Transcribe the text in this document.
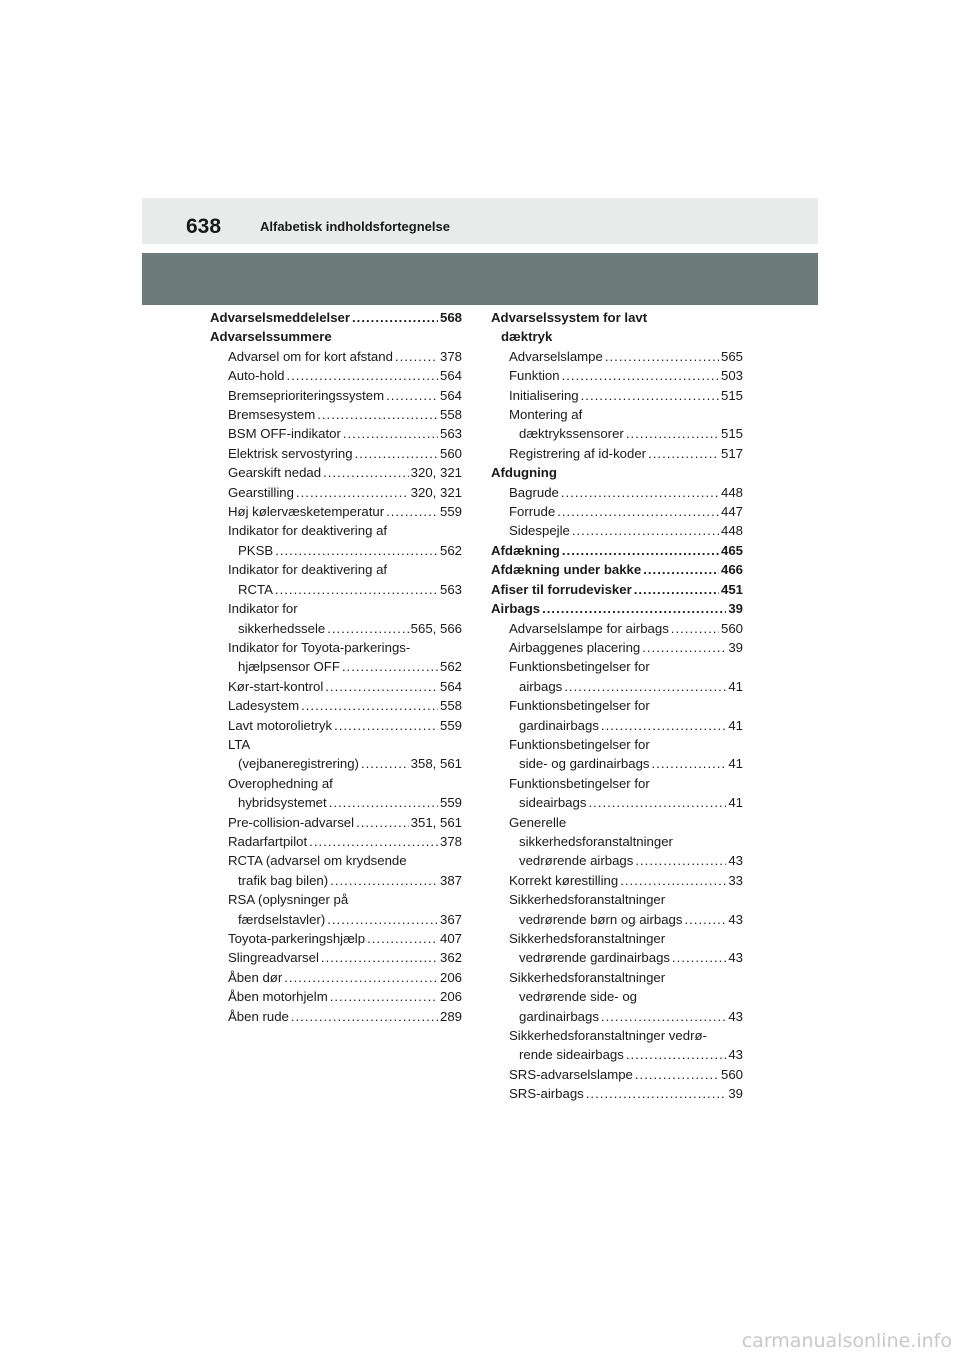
638	Alfabetisk indholdsfortegnelse
Advarselsmeddelelser .....	568
Advarselssummere
Advarsel om for kort afstand .....	378
Auto-hold .....	564
Bremseprioriteringssystem .....	564
Bremsesystem .....	558
BSM OFF-indikator .....	563
Elektrisk servostyring .....	560
Gearskift nedad .....	320, 321
Gearstilling .....	320, 321
Høj kølervæsketemperatur .....	559
Indikator for deaktivering af
PKSB .....	562
Indikator for deaktivering af
RCTA .....	563
Indikator for
sikkerhedssele .....	565, 566
Indikator for Toyota-parkerings-
hjælpsensor OFF .....	562
Kør-start-kontrol .....	564
Ladesystem .....	558
Lavt motorolietryk .....	559
LTA
(vejbaneregistrering) .....	358, 561
Overophedning af
hybridsystemet .....	559
Pre-collision-advarsel .....	351, 561
Radarfartpilot .....	378
RCTA (advarsel om krydsende
trafik bag bilen) .....	387
RSA (oplysninger på
færdselstavler) .....	367
Toyota-parkeringshjælp .....	407
Slingreadvarsel .....	362
Åben dør .....	206
Åben motorhjelm .....	206
Åben rude .....	289
Advarselssystem for lavt
dæktryk
Advarselslampe .....	565
Funktion .....	503
Initialisering .....	515
Montering af
dæktrykssensorer .....	515
Registrering af id-koder .....	517
Afdugning
Bagrude .....	448
Forrude .....	447
Sidespejle .....	448
Afdækning .....	465
Afdækning under bakke .....	466
Afiser til forrudevisker .....	451
Airbags .....	39
Advarselslampe for airbags .....	560
Airbaggenes placering .....	39
Funktionsbetingelser for
airbags .....	41
Funktionsbetingelser for
gardinairbags .....	41
Funktionsbetingelser for
side- og gardinairbags .....	41
Funktionsbetingelser for
sideairbags .....	41
Generelle
sikkerhedsforanstaltninger
vedrørende airbags .....	43
Korrekt kørestilling .....	33
Sikkerhedsforanstaltninger
vedrørende børn og airbags .....	43
Sikkerhedsforanstaltninger
vedrørende gardinairbags .....	43
Sikkerhedsforanstaltninger
vedrørende side- og
gardinairbags .....	43
Sikkerhedsforanstaltninger vedrø-
rende sideairbags .....	43
SRS-advarselslampe .....	560
SRS-airbags .....	39
carmanualsonline.info
